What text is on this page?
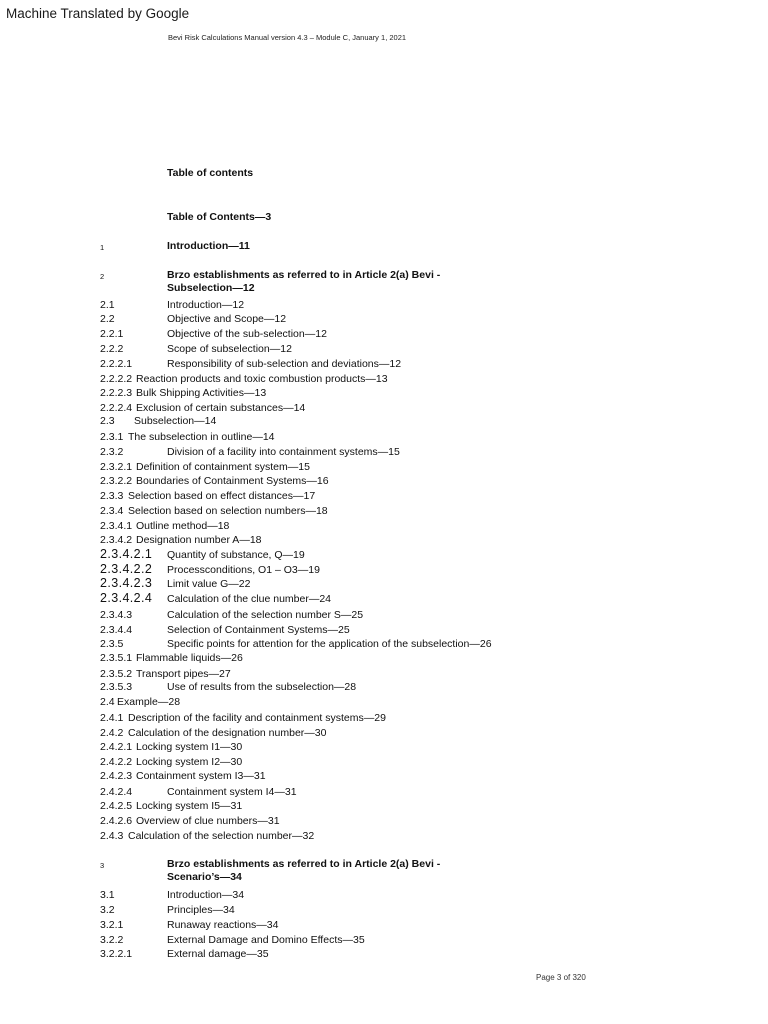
Machine Translated by Google
Bevi Risk Calculations Manual version 4.3 – Module C, January 1, 2021
Table of contents
Table of Contents—3
1	Introduction—11
2	Brzo establishments as referred to in Article 2(a) Bevi -
Subselection—12
2.1	Introduction—12
2.2	Objective and Scope—12
2.2.1	Objective of the sub-selection—12
2.2.2	Scope of subselection—12
2.2.2.1	Responsibility of sub-selection and deviations—12
2.2.2.2 Reaction products and toxic combustion products—13
2.2.2.3 Bulk Shipping Activities—13
2.2.2.4 Exclusion of certain substances—14
2.3 Subselection—14
2.3.1 The subselection in outline—14
2.3.2	Division of a facility into containment systems—15
2.3.2.1 Definition of containment system—15
2.3.2.2 Boundaries of Containment Systems—16
2.3.3 Selection based on effect distances—17
2.3.4 Selection based on selection numbers—18
2.3.4.1 Outline method—18
2.3.4.2 Designation number A—18
2.3.4.2.1 Quantity of substance, Q—19
2.3.4.2.2 Processconditions, O1 – O3—19
2.3.4.2.3 Limit value G—22
2.3.4.2.4 Calculation of the clue number—24
2.3.4.3	Calculation of the selection number S—25
2.3.4.4	Selection of Containment Systems—25
2.3.5	Specific points for attention for the application of the subselection—26
2.3.5.1 Flammable liquids—26
2.3.5.2 Transport pipes—27
2.3.5.3	Use of results from the subselection—28
2.4 Example—28
2.4.1 Description of the facility and containment systems—29
2.4.2 Calculation of the designation number—30
2.4.2.1 Locking system I1—30
2.4.2.2 Locking system I2—30
2.4.2.3 Containment system I3—31
2.4.2.4	Containment system I4—31
2.4.2.5 Locking system I5—31
2.4.2.6 Overview of clue numbers—31
2.4.3 Calculation of the selection number—32
3	Brzo establishments as referred to in Article 2(a) Bevi -
Scenario’s—34
3.1	Introduction—34
3.2	Principles—34
3.2.1	Runaway reactions—34
3.2.2	External Damage and Domino Effects—35
3.2.2.1	External damage—35
Page 3 of 320
